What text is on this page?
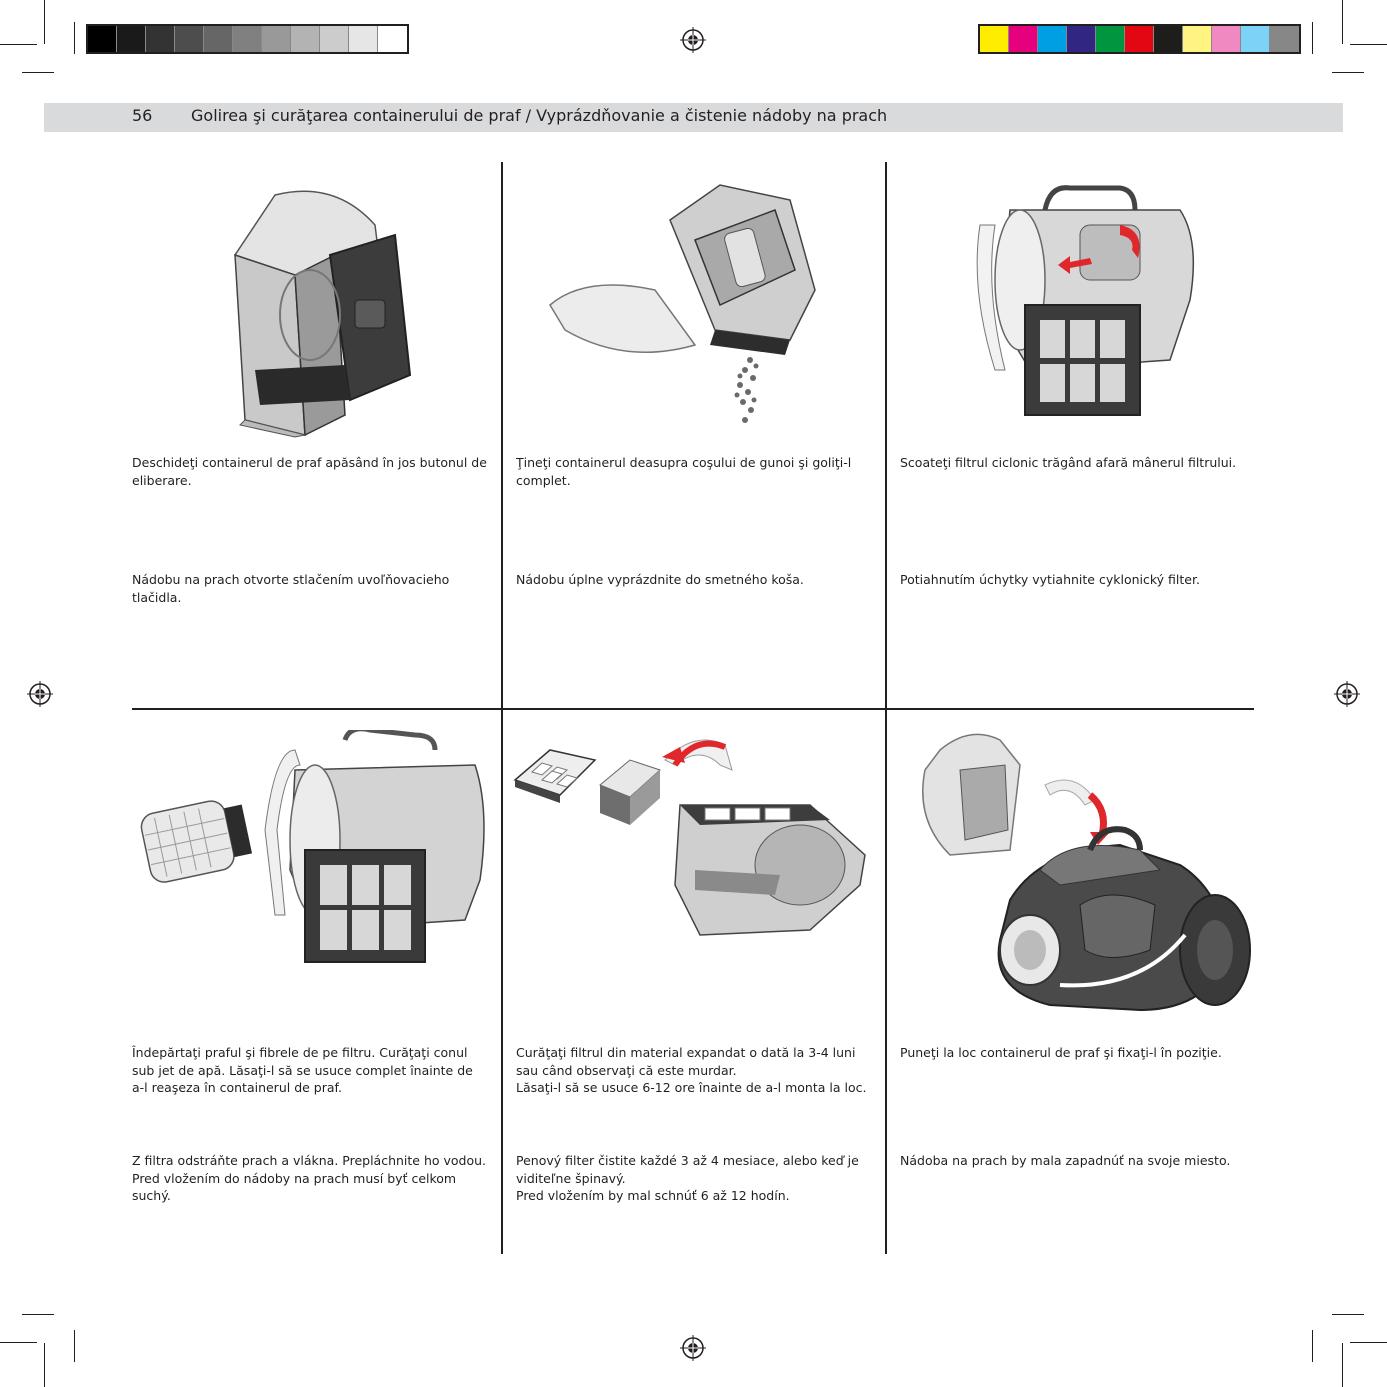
56 Golirea şi curăţarea containerului de praf / Vyprázdňovanie a čistenie nádoby na prach
Deschideţi containerul de praf apăsând în jos butonul de eliberare.
Nádobu na prach otvorte stlačením uvoľňovacieho tlačidla.
Ţineţi containerul deasupra coşului de gunoi şi goliţi-l complet.
Nádobu úplne vyprázdnite do smetného koša.
Scoateţi filtrul ciclonic trăgând afară mânerul filtrului.
Potiahnutím úchytky vytiahnite cyklonický filter.
Îndepărtaţi praful şi fibrele de pe filtru. Curăţaţi conul sub jet de apă. Lăsaţi-l să se usuce complet înainte de a-l reaşeza în containerul de praf.
Z filtra odstráňte prach a vlákna. Prepláchnite ho vodou. Pred vložením do nádoby na prach musí byť celkom suchý.
Curăţaţi filtrul din material expandat o dată la 3-4 luni sau când observaţi că este murdar.
Lăsaţi-l să se usuce 6-12 ore înainte de a-l monta la loc.
Penový filter čistite každé 3 až 4 mesiace, alebo keď je viditeľne špinavý.
Pred vložením by mal schnúť 6 až 12 hodín.
Puneţi la loc containerul de praf şi fixaţi-l în poziţie.
Nádoba na prach by mala zapadnúť na svoje miesto.
